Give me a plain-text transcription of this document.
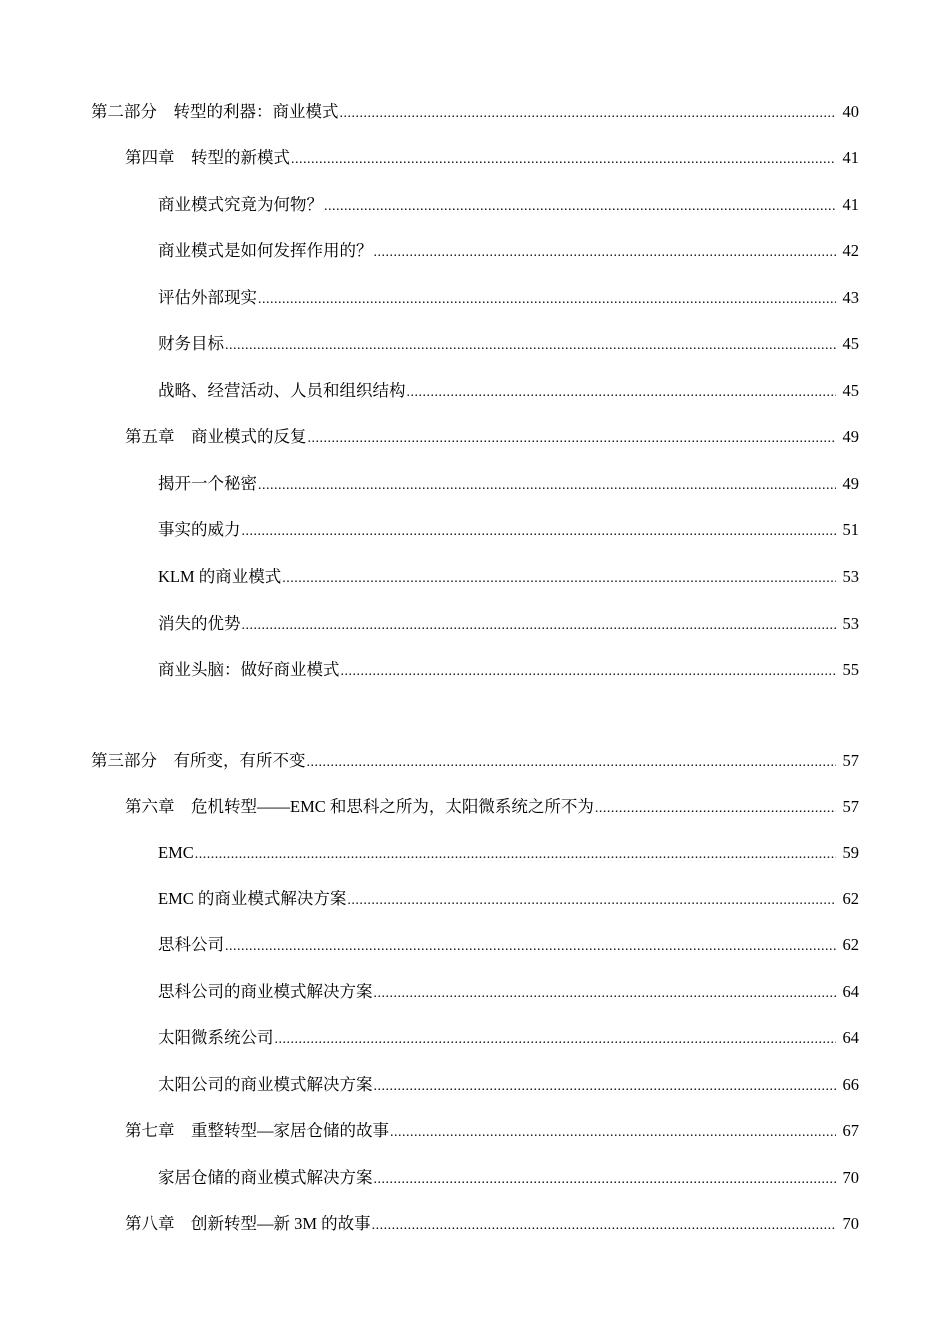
第二部分　转型的利器：商业模式 .....	40
第四章　转型的新模式 .....	41
商业模式究竟为何物？ .....	41
商业模式是如何发挥作用的？ .....	42
评估外部现实 .....	43
财务目标 .....	45
战略、经营活动、人员和组织结构 .....	45
第五章　商业模式的反复 .....	49
揭开一个秘密 .....	49
事实的威力 .....	51
KLM 的商业模式 .....	53
消失的优势 .....	53
商业头脑：做好商业模式 .....	55
第三部分　有所变，有所不变 .....	57
第六章　危机转型——EMC 和思科之所为，太阳微系统之所不为 .....	57
EMC .....	59
EMC 的商业模式解决方案 .....	62
思科公司 .....	62
思科公司的商业模式解决方案 .....	64
太阳微系统公司 .....	64
太阳公司的商业模式解决方案 .....	66
第七章　重整转型—家居仓储的故事 .....	67
家居仓储的商业模式解决方案 .....	70
第八章　创新转型—新 3M 的故事 .....	70
